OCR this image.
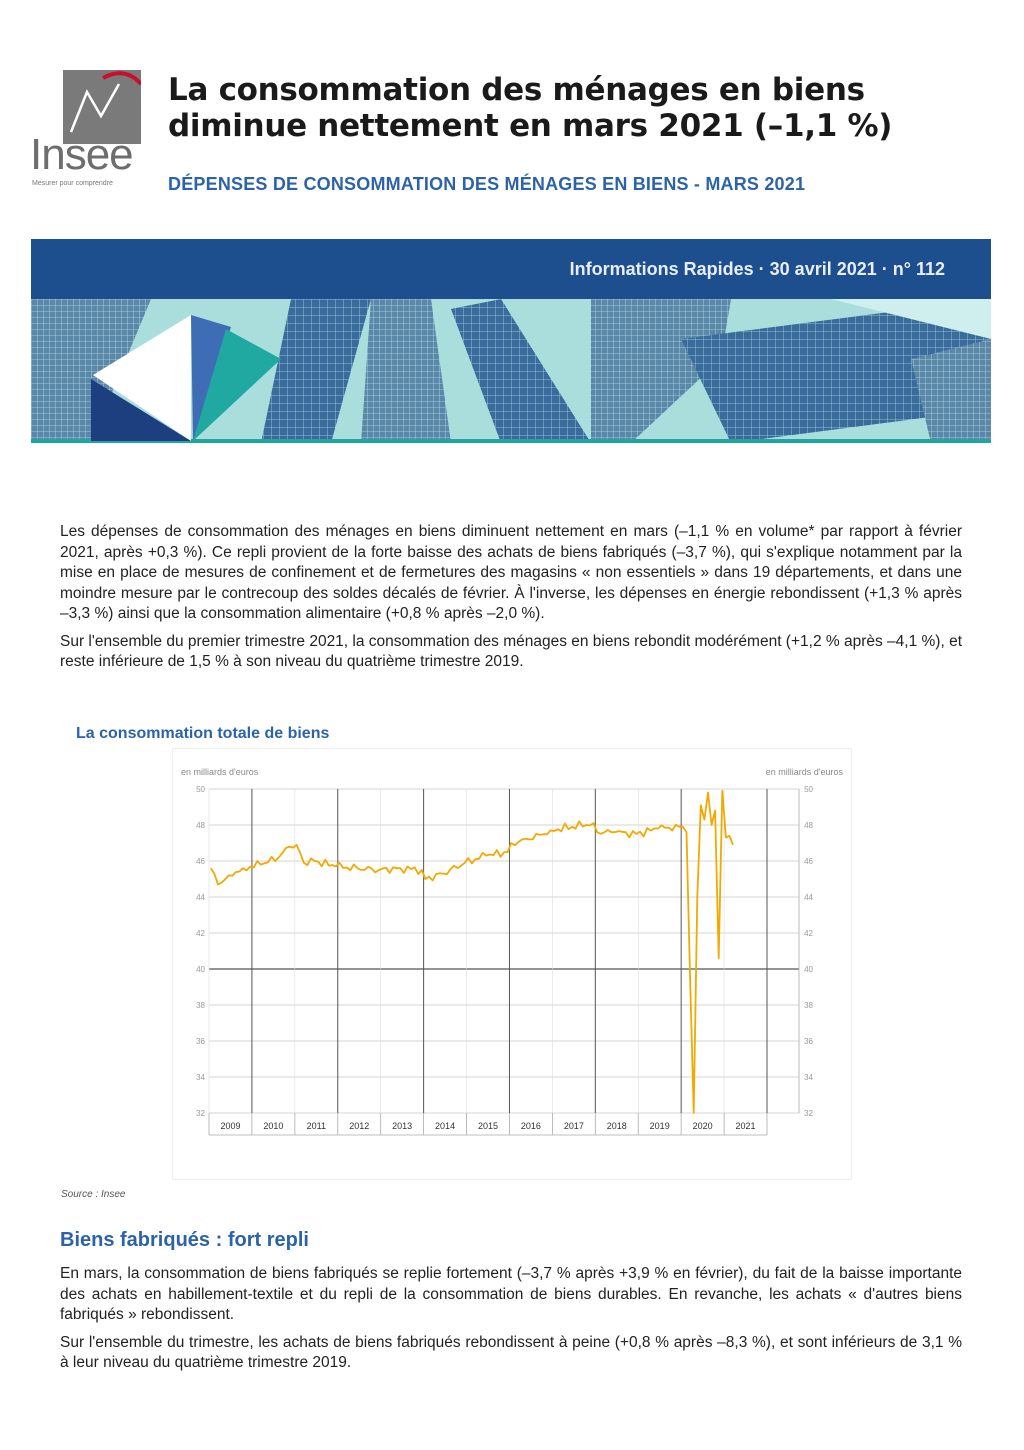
Insee
Mesurer pour comprendre
La consommation des ménages en biens diminue nettement en mars 2021 (–1,1 %)
DÉPENSES DE CONSOMMATION DES MÉNAGES EN BIENS - MARS 2021
Informations Rapides · 30 avril 2021 · n° 112

Les dépenses de consommation des ménages en biens diminuent nettement en mars (–1,1 % en volume* par rapport à février 2021, après +0,3 %). Ce repli provient de la forte baisse des achats de biens fabriqués (–3,7 %), qui s'explique notamment par la mise en place de mesures de confinement et de fermetures des magasins « non essentiels » dans 19 départements, et dans une moindre mesure par le contrecoup des soldes décalés de février. À l'inverse, les dépenses en énergie rebondissent (+1,3 % après –3,3 %) ainsi que la consommation alimentaire (+0,8 % après –2,0 %).

Sur l'ensemble du premier trimestre 2021, la consommation des ménages en biens rebondit modérément (+1,2 % après –4,1 %), et reste inférieure de 1,5 % à son niveau du quatrième trimestre 2019.

La consommation totale de biens
en milliards d'euros	en milliards d'euros
32	32
34	34
36	36
38	38
40	40
42	42
44	44
46	46
48	48
50	50
2009	2010	2011	2012	2013	2014	2015	2016	2017	2018	2019	2020	2021
Source : Insee
Biens fabriqués : fort repli

En mars, la consommation de biens fabriqués se replie fortement (–3,7 % après +3,9 % en février), du fait de la baisse importante des achats en habillement-textile et du repli de la consommation de biens durables. En revanche, les achats « d'autres biens fabriqués » rebondissent.

Sur l'ensemble du trimestre, les achats de biens fabriqués rebondissent à peine (+0,8 % après –8,3 %), et sont inférieurs de 3,1 % à leur niveau du quatrième trimestre 2019.
